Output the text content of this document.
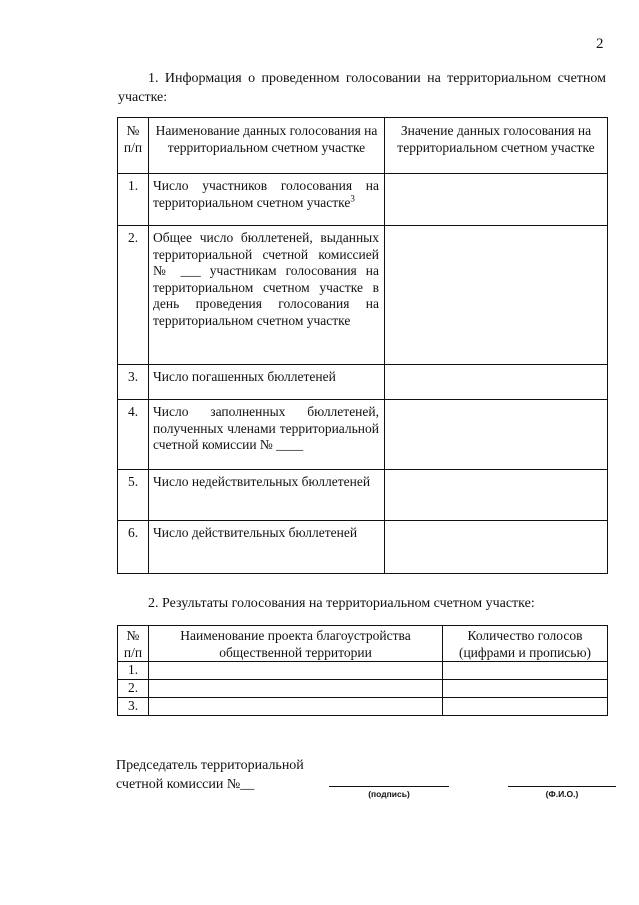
2
1. Информация о проведенном голосовании на территориальном счетном участке:
№ п/п	Наименование данных голосования на территориальном счетном участке	Значение данных голосования на территориальном счетном участке
1.	Число участников голосования на территориальном счетном участке$^3$	
2.	Общее число бюллетеней, выданных территориальной счетной комиссией № ___ участникам голосования на территориальном счетном участке в день проведения голосования на территориальном счетном участке	
3.	Число погашенных бюллетеней	
4.	Число заполненных бюллетеней, полученных членами территориальной счетной комиссии № ____	
5.	Число недействительных бюллетеней	
6.	Число действительных бюллетеней	
2. Результаты голосования на территориальном счетном участке:
№ п/п	Наименование проекта благоустройства общественной территории	Количество голосов (цифрами и прописью)
1.		
2.		
3.		
Председатель территориальной счетной комиссии №__
(подпись)	(Ф.И.О.)
